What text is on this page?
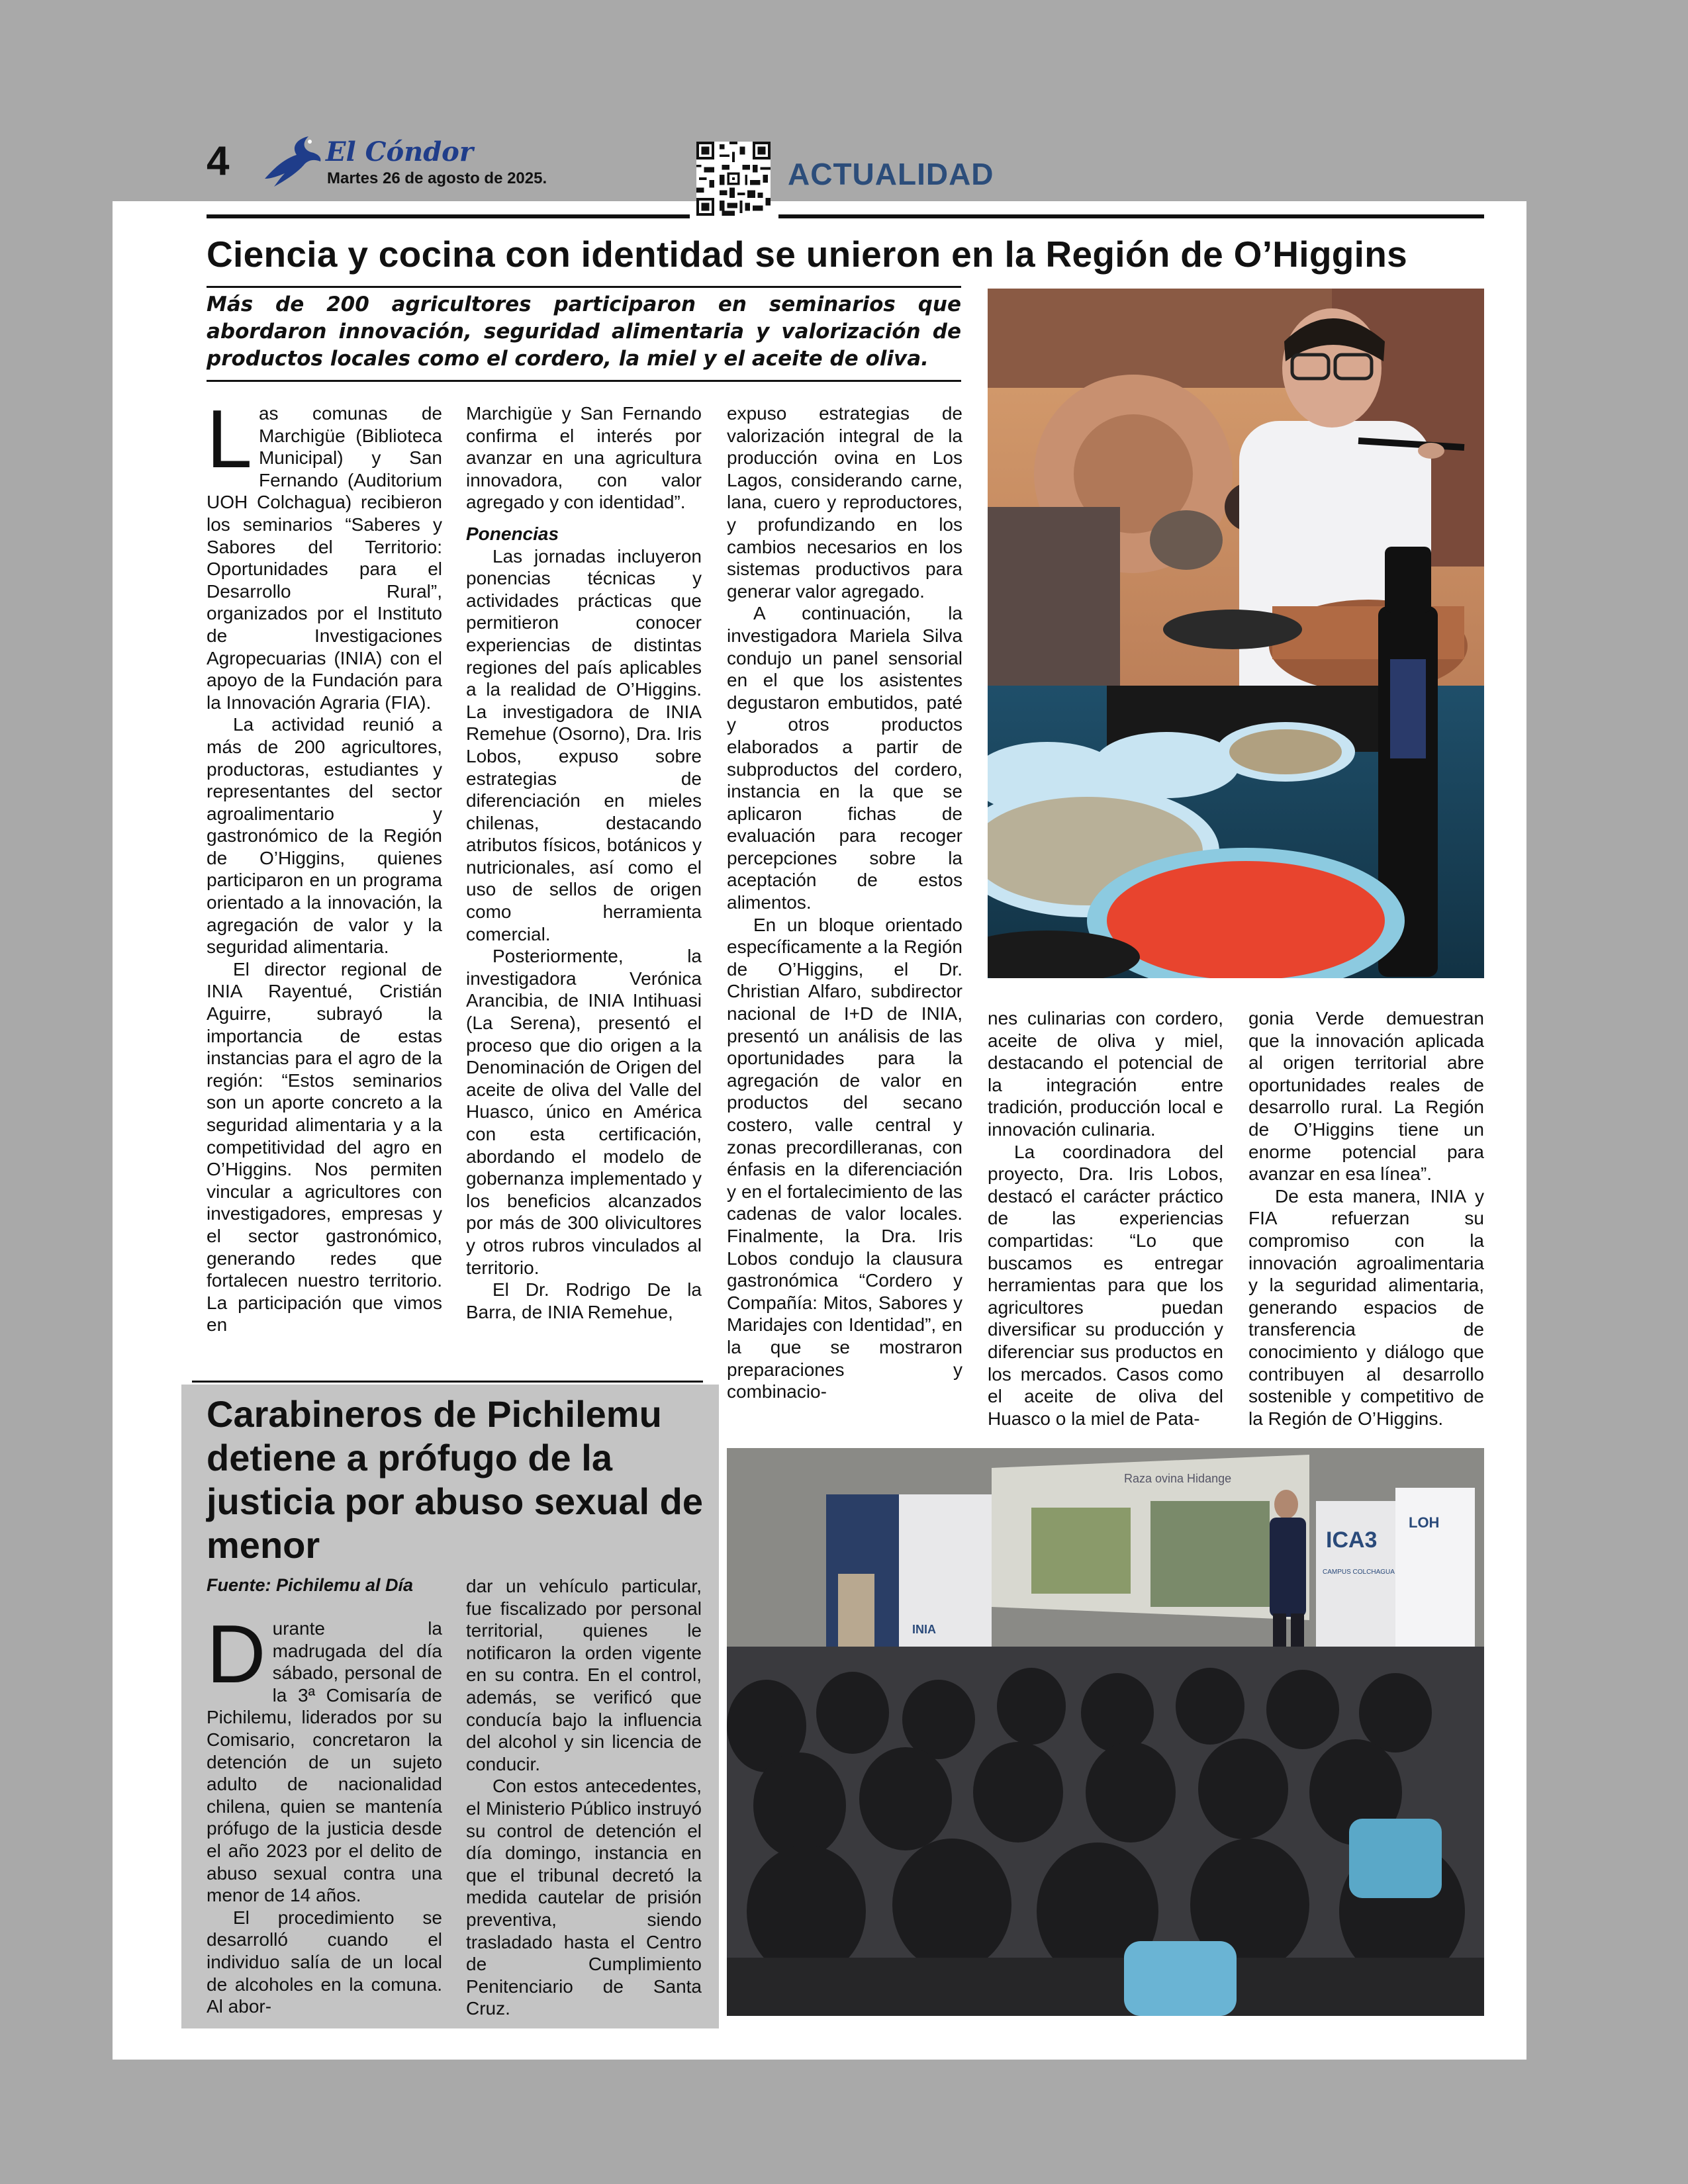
4	El Cóndor
Martes 26 de agosto de 2025.	ACTUALIDAD
Ciencia y cocina con identidad se unieron en la Región de O’Higgins
Más de 200 agricultores participaron en seminarios que abordaron innovación, seguridad alimentaria y valorización de productos locales como el cordero, la miel y el aceite de oliva.
L as comunas de Marchigüe (Biblioteca Municipal) y San Fernando (Auditorium UOH Colchagua) recibieron los seminarios “Saberes y Sabores del Territorio: Oportunidades para el Desarrollo Rural”, organizados por el Instituto de Investigaciones Agropecuarias (INIA) con el apoyo de la Fundación para la Innovación Agraria (FIA).

La actividad reunió a más de 200 agricultores, productoras, estudiantes y representantes del sector agroalimentario y gastronómico de la Región de O’Higgins, quienes participaron en un programa orientado a la innovación, la agregación de valor y la seguridad alimentaria.

El director regional de INIA Rayentué, Cristián Aguirre, subrayó la importancia de estas instancias para el agro de la región: “Estos seminarios son un aporte concreto a la seguridad alimentaria y a la competitividad del agro en O’Higgins. Nos permiten vincular a agricultores con investigadores, empresas y el sector gastronómico, generando redes que fortalecen nuestro territorio. La participación que vimos en

Marchigüe y San Fernando confirma el interés por avanzar en una agricultura innovadora, con valor agregado y con identidad”.

Ponencias

Las jornadas incluyeron ponencias técnicas y actividades prácticas que permitieron conocer experiencias de distintas regiones del país aplicables a la realidad de O’Higgins. La investigadora de INIA Remehue (Osorno), Dra. Iris Lobos, expuso sobre estrategias de diferenciación en mieles chilenas, destacando atributos físicos, botánicos y nutricionales, así como el uso de sellos de origen como herramienta comercial.

Posteriormente, la investigadora Verónica Arancibia, de INIA Intihuasi (La Serena), presentó el proceso que dio origen a la Denominación de Origen del aceite de oliva del Valle del Huasco, único en América con esta certificación, abordando el modelo de gobernanza implementado y los beneficios alcanzados por más de 300 olivicultores y otros rubros vinculados al territorio.

El Dr. Rodrigo De la Barra, de INIA Remehue,

expuso estrategias de valorización integral de la producción ovina en Los Lagos, considerando carne, lana, cuero y reproductores, y profundizando en los cambios necesarios en los sistemas productivos para generar valor agregado.

A continuación, la investigadora Mariela Silva condujo un panel sensorial en el que los asistentes degustaron embutidos, paté y otros productos elaborados a partir de subproductos del cordero, instancia en la que se aplicaron fichas de evaluación para recoger percepciones sobre la aceptación de estos alimentos.

En un bloque orientado específicamente a la Región de O’Higgins, el Dr. Christian Alfaro, subdirector nacional de I+D de INIA, presentó un análisis de las oportunidades para la agregación de valor en productos del secano costero, valle central y zonas precordilleranas, con énfasis en la diferenciación y en el fortalecimiento de las cadenas de valor locales. Finalmente, la Dra. Iris Lobos condujo la clausura gastronómica “Cordero y Compañía: Mitos, Sabores y Maridajes con Identidad”, en la que se mostraron preparaciones y combinacio-

nes culinarias con cordero, aceite de oliva y miel, destacando el potencial de la integración entre tradición, producción local e innovación culinaria.

La coordinadora del proyecto, Dra. Iris Lobos, destacó el carácter práctico de las experiencias compartidas: “Lo que buscamos es entregar herramientas para que los agricultores puedan diversificar su producción y diferenciar sus productos en los mercados. Casos como el aceite de oliva del Huasco o la miel de Pata-

gonia Verde demuestran que la innovación aplicada al origen territorial abre oportunidades reales de desarrollo rural. La Región de O’Higgins tiene un enorme potencial para avanzar en esa línea”.

De esta manera, INIA y FIA refuerzan su compromiso con la innovación agroalimentaria y la seguridad alimentaria, generando espacios de transferencia de conocimiento y diálogo que contribuyen al desarrollo sostenible y competitivo de la Región de O’Higgins.

Raza ovina Hidange
ICA3
LOH
CAMPUS COLCHAGUA
INIA
Carabineros de Pichilemu detiene a prófugo de la justicia por abuso sexual de menor
Fuente: Pichilemu al Día
D urante la madrugada del día sábado, personal de la 3ª Comisaría de Pichilemu, liderados por su Comisario, concretaron la detención de un sujeto adulto de nacionalidad chilena, quien se mantenía prófugo de la justicia desde el año 2023 por el delito de abuso sexual contra una menor de 14 años.

El procedimiento se desarrolló cuando el individuo salía de un local de alcoholes en la comuna. Al abor-

dar un vehículo particular, fue fiscalizado por personal territorial, quienes le notificaron la orden vigente en su contra. En el control, además, se verificó que conducía bajo la influencia del alcohol y sin licencia de conducir.

Con estos antecedentes, el Ministerio Público instruyó su control de detención el día domingo, instancia en que el tribunal decretó la medida cautelar de prisión preventiva, siendo trasladado hasta el Centro de Cumplimiento Penitenciario de Santa Cruz.
